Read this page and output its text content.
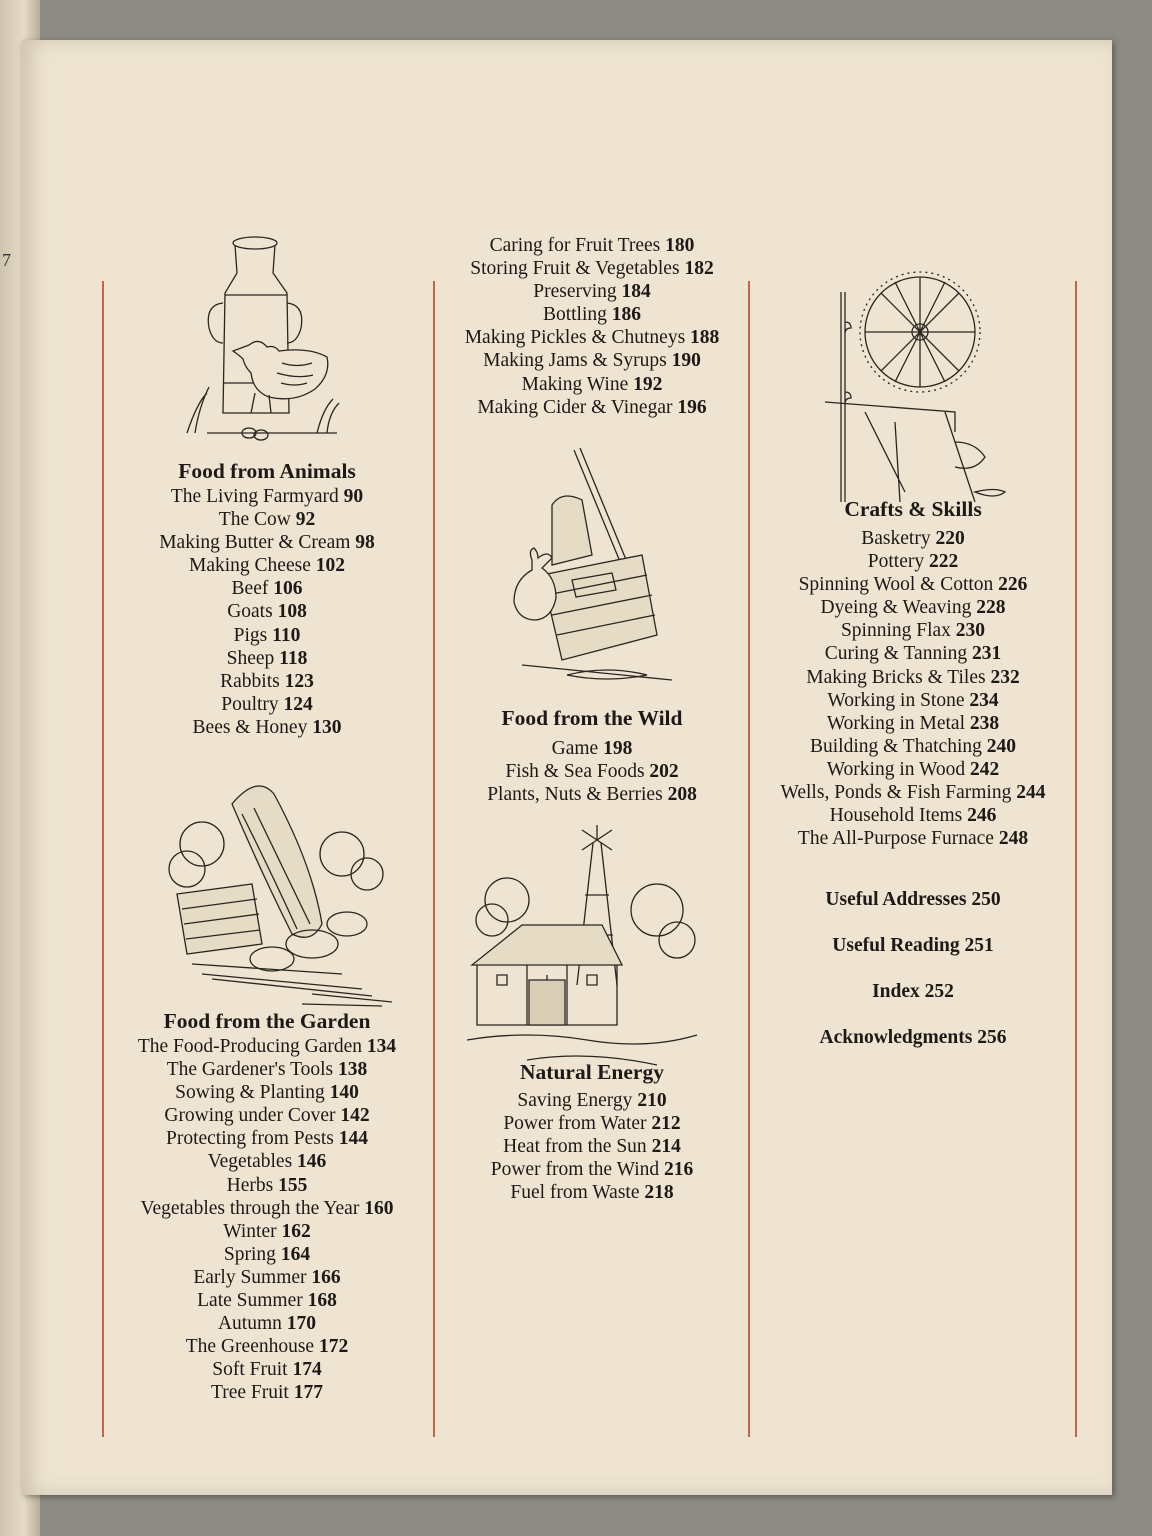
7
Food from Animals
The Living Farmyard 90
The Cow 92
Making Butter & Cream 98
Making Cheese 102
Beef 106
Goats 108
Pigs 110
Sheep 118
Rabbits 123
Poultry 124
Bees & Honey 130
Food from the Garden
The Food-Producing Garden 134
The Gardener's Tools 138
Sowing & Planting 140
Growing under Cover 142
Protecting from Pests 144
Vegetables 146
Herbs 155
Vegetables through the Year 160
Winter 162
Spring 164
Early Summer 166
Late Summer 168
Autumn 170
The Greenhouse 172
Soft Fruit 174
Tree Fruit 177
Caring for Fruit Trees 180
Storing Fruit & Vegetables 182
Preserving 184
Bottling 186
Making Pickles & Chutneys 188
Making Jams & Syrups 190
Making Wine 192
Making Cider & Vinegar 196
Food from the Wild
Game 198
Fish & Sea Foods 202
Plants, Nuts & Berries 208
Natural Energy
Saving Energy 210
Power from Water 212
Heat from the Sun 214
Power from the Wind 216
Fuel from Waste 218
Crafts & Skills
Basketry 220
Pottery 222
Spinning Wool & Cotton 226
Dyeing & Weaving 228
Spinning Flax 230
Curing & Tanning 231
Making Bricks & Tiles 232
Working in Stone 234
Working in Metal 238
Building & Thatching 240
Working in Wood 242
Wells, Ponds & Fish Farming 244
Household Items 246
The All-Purpose Furnace 248
Useful Addresses 250
Useful Reading 251
Index 252
Acknowledgments 256
